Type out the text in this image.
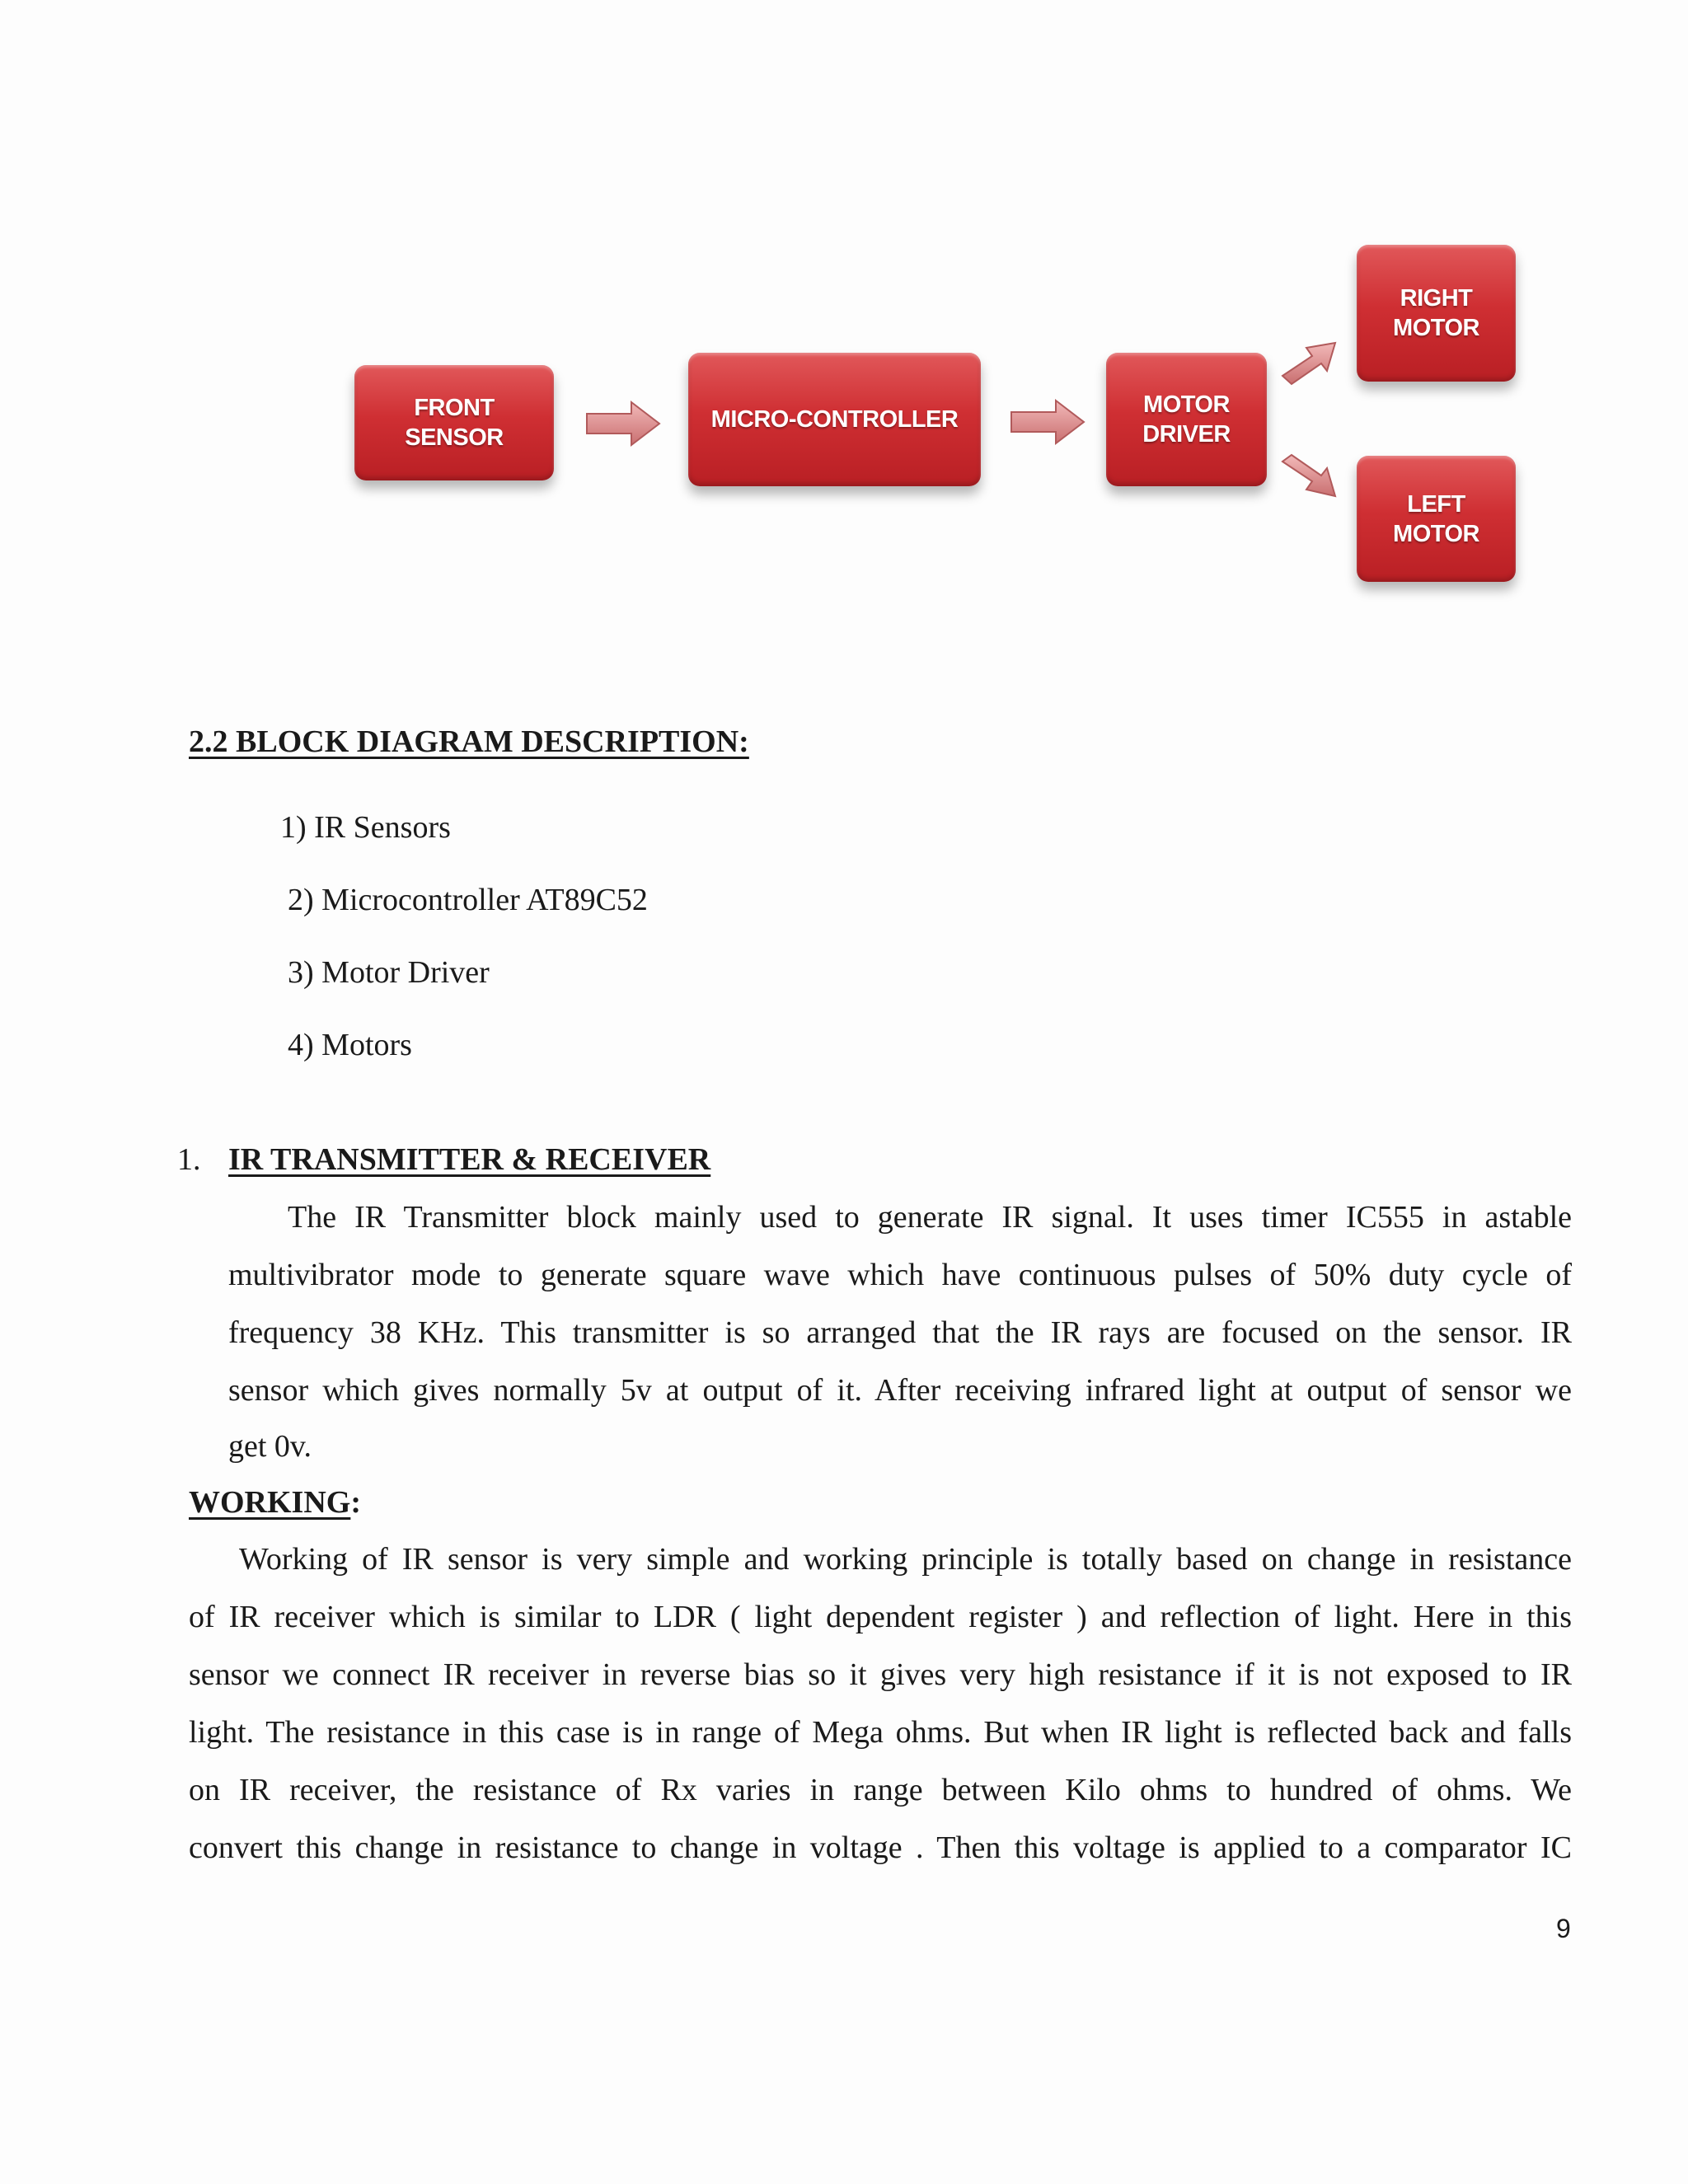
FRONT SENSOR
MICRO-CONTROLLER
MOTOR
DRIVER
RIGHT
MOTOR
LEFT
MOTOR
2.2 BLOCK DIAGRAM DESCRIPTION:
1) IR Sensors
2) Microcontroller AT89C52
3) Motor Driver
4) Motors
1. IR TRANSMITTER & RECEIVER
The IR Transmitter block mainly used to generate IR signal. It uses timer IC555 in astable
multivibrator mode to generate square wave which have continuous pulses of 50% duty cycle of
frequency 38 KHz. This transmitter is so arranged that the IR rays are focused on the sensor. IR
sensor which gives normally 5v at output of it. After receiving infrared light at output of sensor we
get 0v.
WORKING:
Working of IR sensor is very simple and working principle is totally based on change in resistance
of IR receiver which is similar to LDR ( light dependent register ) and reflection of light. Here in this
sensor we connect IR receiver in reverse bias so it gives very high resistance if it is not exposed to IR
light. The resistance in this case is in range of Mega ohms. But when IR light is reflected back and falls
on IR receiver, the resistance of Rx varies in range between Kilo ohms to hundred of ohms. We
convert this change in resistance to change in voltage . Then this voltage is applied to a comparator IC
9
